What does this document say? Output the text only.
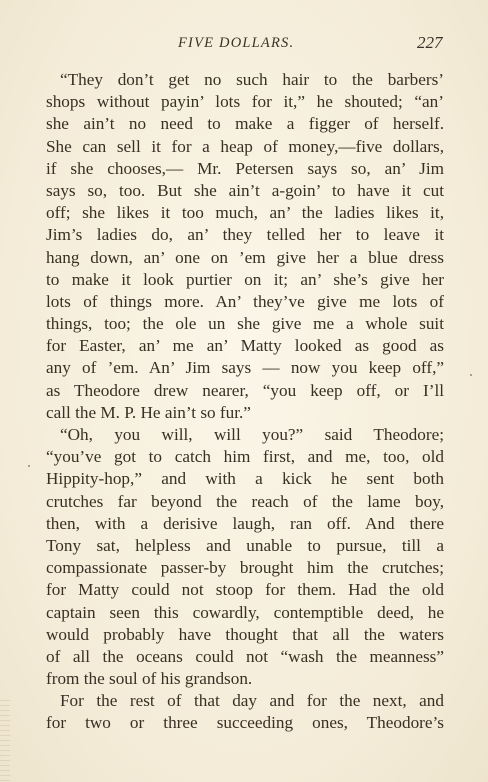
FIVE DOLLARS.	227
“They don’t get no such hair to the barbers’
shops without payin’ lots for it,” he shouted; “an’
she ain’t no need to make a figger of herself.
She can sell it for a heap of money,—five dollars,
if she chooses,— Mr. Petersen says so, an’ Jim
says so, too. But she ain’t a-goin’ to have it cut
off; she likes it too much, an’ the ladies likes it,
Jim’s ladies do, an’ they telled her to leave it
hang down, an’ one on ’em give her a blue dress
to make it look purtier on it; an’ she’s give her
lots of things more. An’ they’ve give me lots of
things, too; the ole un she give me a whole suit
for Easter, an’ me an’ Matty looked as good as
any of ’em. An’ Jim says — now you keep off,”
as Theodore drew nearer, “you keep off, or I’ll
call the M. P. He ain’t so fur.”
“Oh, you will, will you?” said Theodore;
“you’ve got to catch him first, and me, too, old
Hippity-hop,” and with a kick he sent both
crutches far beyond the reach of the lame boy,
then, with a derisive laugh, ran off. And there
Tony sat, helpless and unable to pursue, till a
compassionate passer-by brought him the crutches;
for Matty could not stoop for them. Had the old
captain seen this cowardly, contemptible deed, he
would probably have thought that all the waters
of all the oceans could not “wash the meanness”
from the soul of his grandson.
For the rest of that day and for the next, and
for two or three succeeding ones, Theodore’s
